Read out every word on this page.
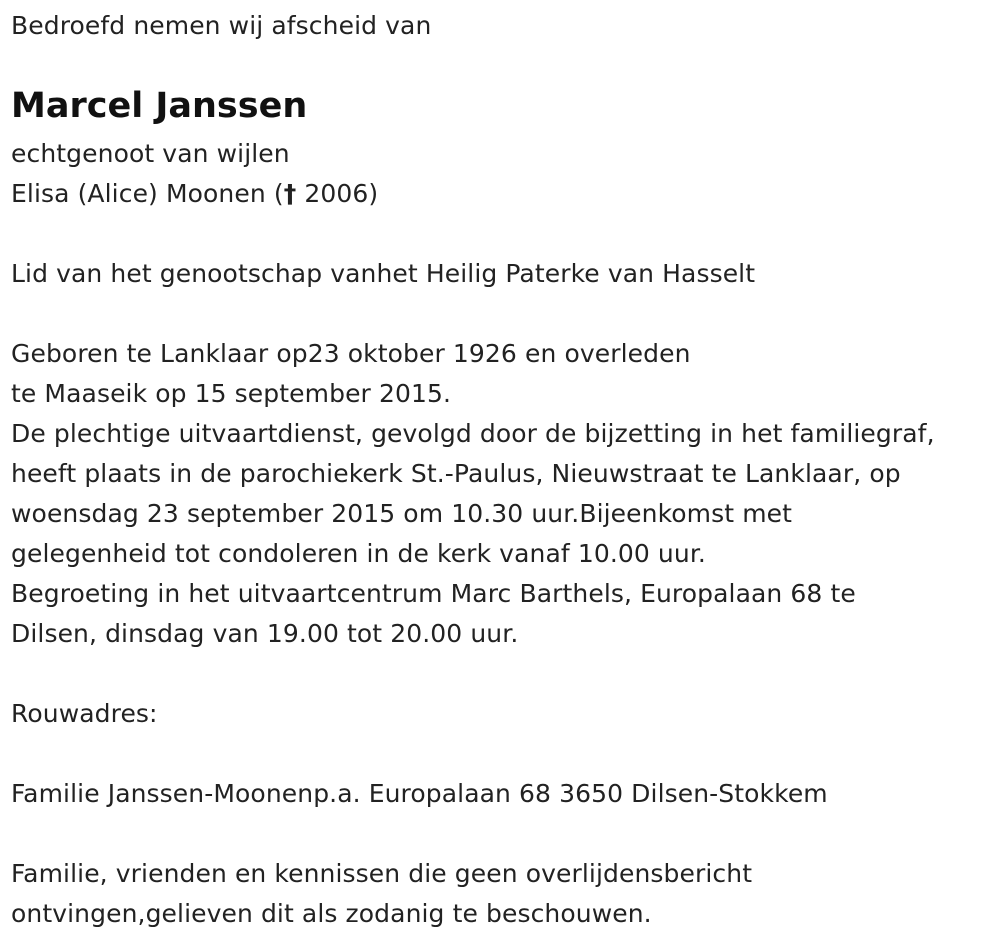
Bedroefd nemen wij afscheid van
Marcel Janssen
echtgenoot van wijlen
Elisa (Alice) Moonen († 2006)
Lid van het genootschap vanhet Heilig Paterke van Hasselt
Geboren te Lanklaar op23 oktober 1926 en overleden
te Maaseik op 15 september 2015.
De plechtige uitvaartdienst, gevolgd door de bijzetting in het familiegraf,
heeft plaats in de parochiekerk St.-Paulus, Nieuwstraat te Lanklaar, op
woensdag 23 september 2015 om 10.30 uur.Bijeenkomst met
gelegenheid tot condoleren in de kerk vanaf 10.00 uur.
Begroeting in het uitvaartcentrum Marc Barthels, Europalaan 68 te
Dilsen, dinsdag van 19.00 tot 20.00 uur.
Rouwadres:
Familie Janssen-Moonenp.a. Europalaan 68 3650 Dilsen-Stokkem
Familie, vrienden en kennissen die geen overlijdensbericht
ontvingen,gelieven dit als zodanig te beschouwen.
